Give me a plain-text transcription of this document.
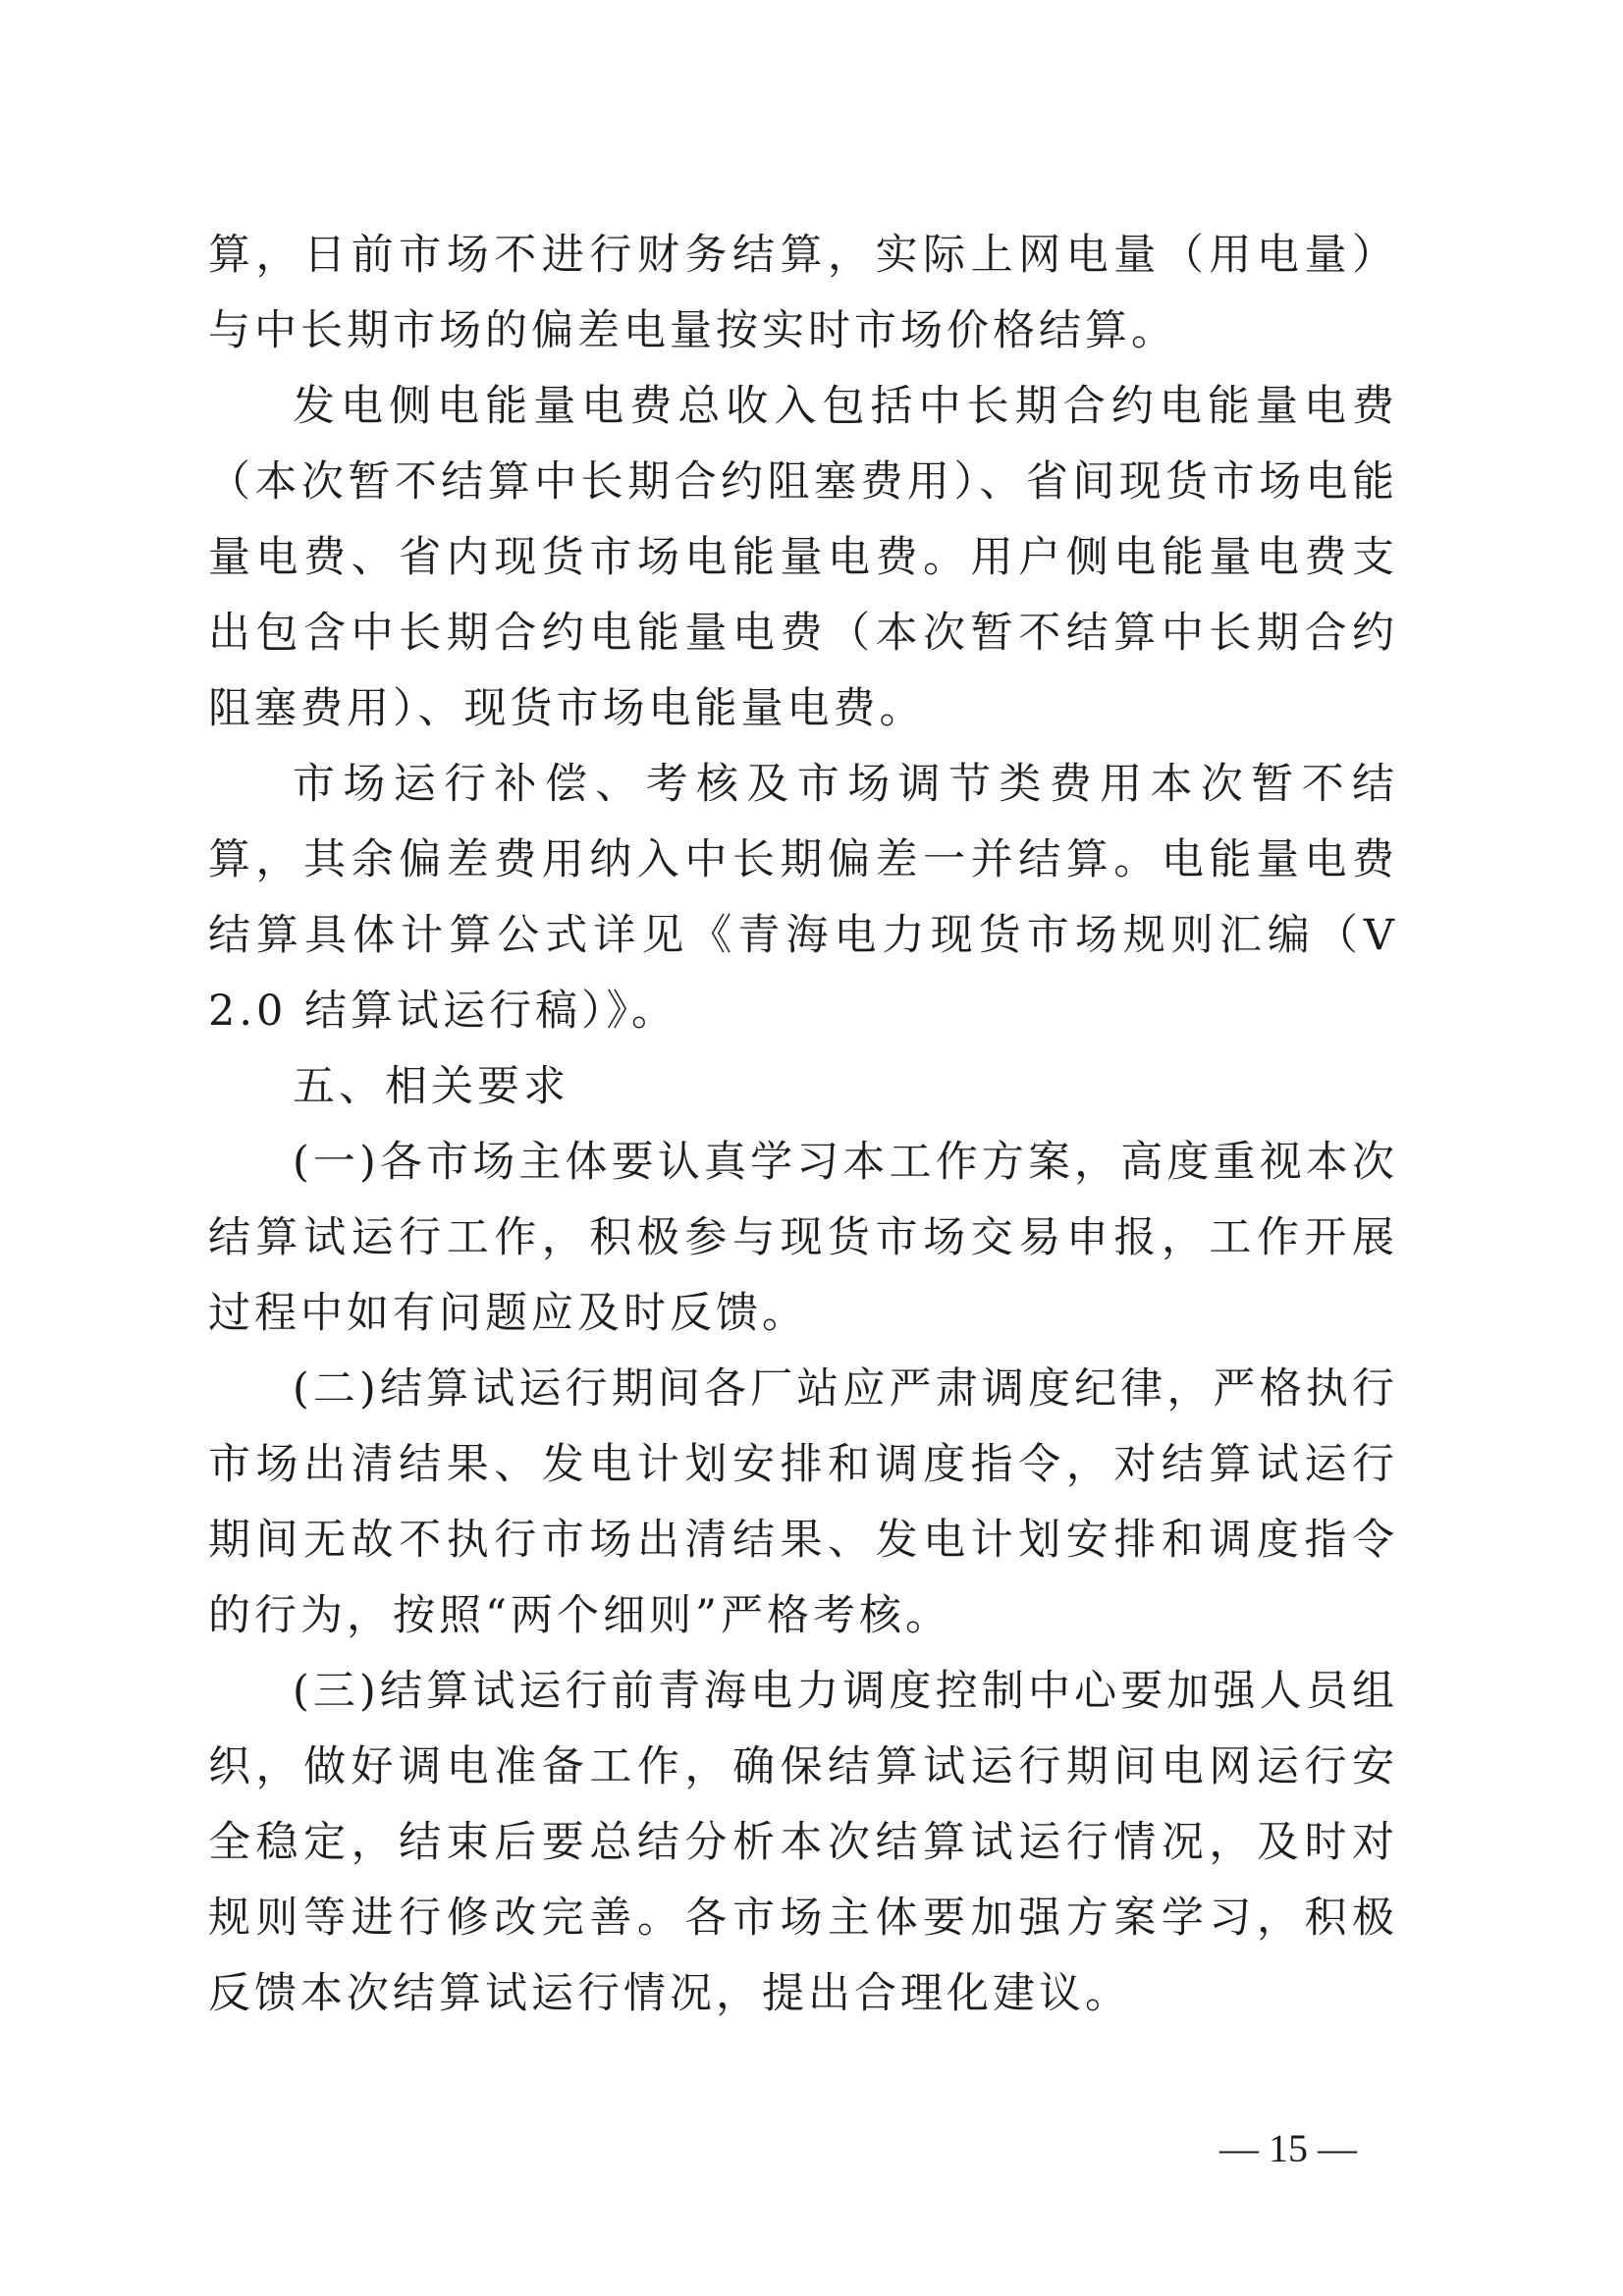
算，日前市场不进行财务结算，实际上网电量（用电量）与中长期市场的偏差电量按实时市场价格结算。

发电侧电能量电费总收入包括中长期合约电能量电费（本次暂不结算中长期合约阻塞费用）、省间现货市场电能量电费、省内现货市场电能量电费。用户侧电能量电费支出包含中长期合约电能量电费（本次暂不结算中长期合约阻塞费用）、现货市场电能量电费。

市场运行补偿、考核及市场调节类费用本次暂不结算，其余偏差费用纳入中长期偏差一并结算。电能量电费结算具体计算公式详见《青海电力现货市场规则汇编（V2.0 结算试运行稿）》。

五、相关要求

(一)各市场主体要认真学习本工作方案，高度重视本次结算试运行工作，积极参与现货市场交易申报，工作开展过程中如有问题应及时反馈。

(二)结算试运行期间各厂站应严肃调度纪律，严格执行市场出清结果、发电计划安排和调度指令，对结算试运行期间无故不执行市场出清结果、发电计划安排和调度指令的行为，按照“两个细则”严格考核。

(三)结算试运行前青海电力调度控制中心要加强人员组织，做好调电准备工作，确保结算试运行期间电网运行安全稳定，结束后要总结分析本次结算试运行情况，及时对规则等进行修改完善。各市场主体要加强方案学习，积极反馈本次结算试运行情况，提出合理化建议。

— 15 —
